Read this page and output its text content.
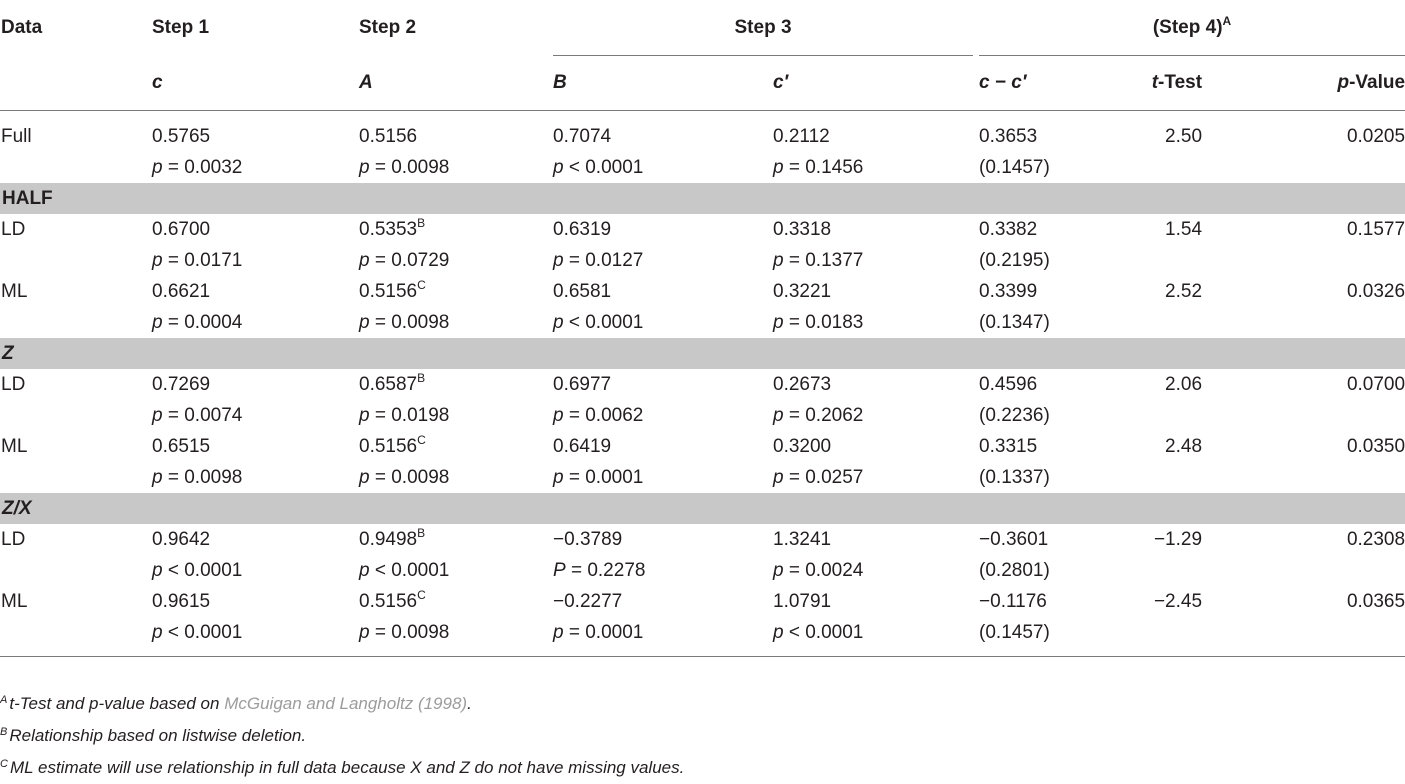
Data	Step 1	Step 2	Step 3			(Step 4)$^A$
	c	A	B	c′		c − c′	t-Test	p-Value
Full	0.5765	0.5156	0.7074	0.2112		0.3653	2.50	0.0205
	p = 0.0032	p = 0.0098	p < 0.0001	p = 0.1456		(0.1457)		
HALF								
LD	0.6700	$0.5353^B$	0.6319	0.3318		0.3382	1.54	0.1577
	p = 0.0171	p = 0.0729	p = 0.0127	p = 0.1377		(0.2195)		
ML	0.6621	$0.5156^C$	0.6581	0.3221		0.3399	2.52	0.0326
	p = 0.0004	p = 0.0098	p < 0.0001	p = 0.0183		(0.1347)		
Z								
LD	0.7269	$0.6587^B$	0.6977	0.2673		0.4596	2.06	0.0700
	p = 0.0074	p = 0.0198	p = 0.0062	p = 0.2062		(0.2236)		
ML	0.6515	$0.5156^C$	0.6419	0.3200		0.3315	2.48	0.0350
	p = 0.0098	p = 0.0098	p = 0.0001	p = 0.0257		(0.1337)		
Z/X								
LD	0.9642	$0.9498^B$	−0.3789	1.3241		−0.3601	−1.29	0.2308
	p < 0.0001	p < 0.0001	P = 0.2278	p = 0.0024		(0.2801)		
ML	0.9615	$0.5156^C$	−0.2277	1.0791		−0.1176	−2.45	0.0365
	p < 0.0001	p = 0.0098	p = 0.0001	p < 0.0001		(0.1457)		
$^A$ t-Test and p-value based on McGuigan and Langholtz (1998).
$^B$ Relationship based on listwise deletion.
$^C$ ML estimate will use relationship in full data because X and Z do not have missing values.
